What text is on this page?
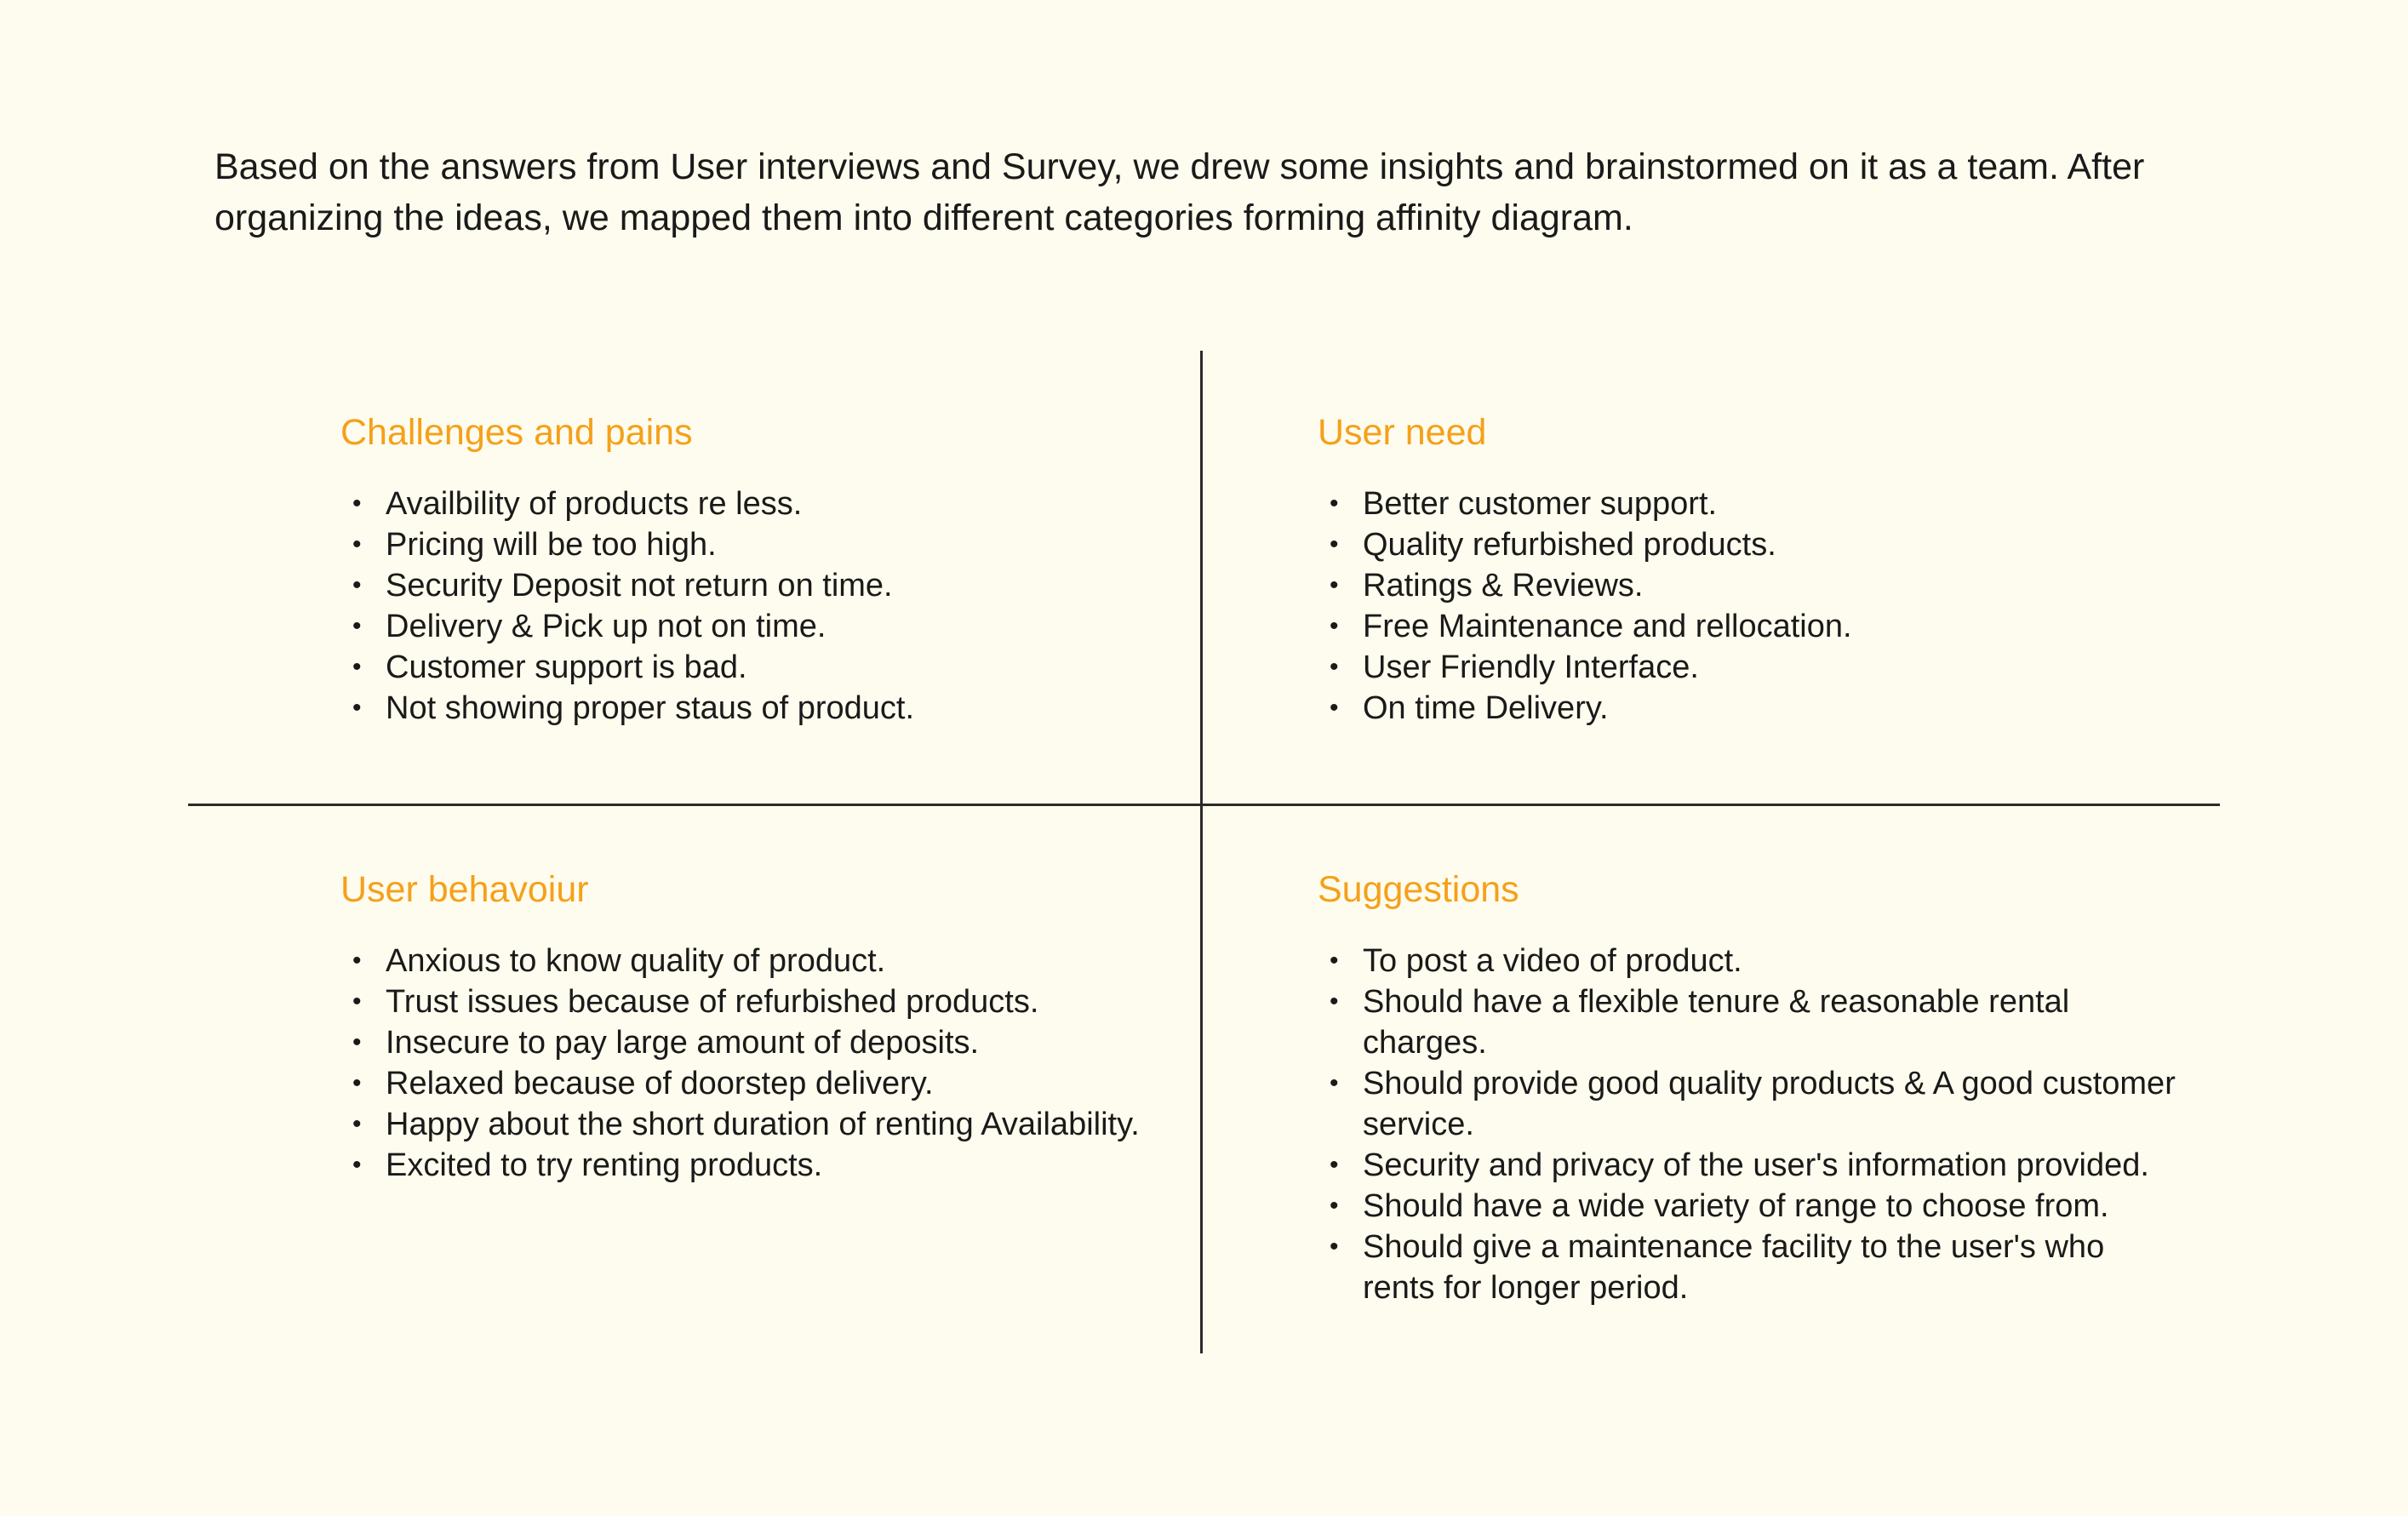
Based on the answers from User interviews and Survey, we drew some insights and brainstormed on it as a team. After organizing the ideas, we mapped them into different categories forming affinity diagram.

Challenges and pains
• Availbility of products re less.
• Pricing will be too high.
• Security Deposit not return on time.
• Delivery & Pick up not on time.
• Customer support is bad.
• Not showing proper staus of product.
User need
• Better customer support.
• Quality refurbished products.
• Ratings & Reviews.
• Free Maintenance and rellocation.
• User Friendly Interface.
• On time Delivery.
User behavoiur
• Anxious to know quality of product.
• Trust issues because of refurbished products.
• Insecure to pay large amount of deposits.
• Relaxed because of doorstep delivery.
• Happy about the short duration of renting Availability.
• Excited to try renting products.
Suggestions
• To post a video of product.
• Should have a flexible tenure & reasonable rental charges.
• Should provide good quality products & A good customer service.
• Security and privacy of the user's information provided.
• Should have a wide variety of range to choose from.
• Should give a maintenance facility to the user's who rents for longer period.
